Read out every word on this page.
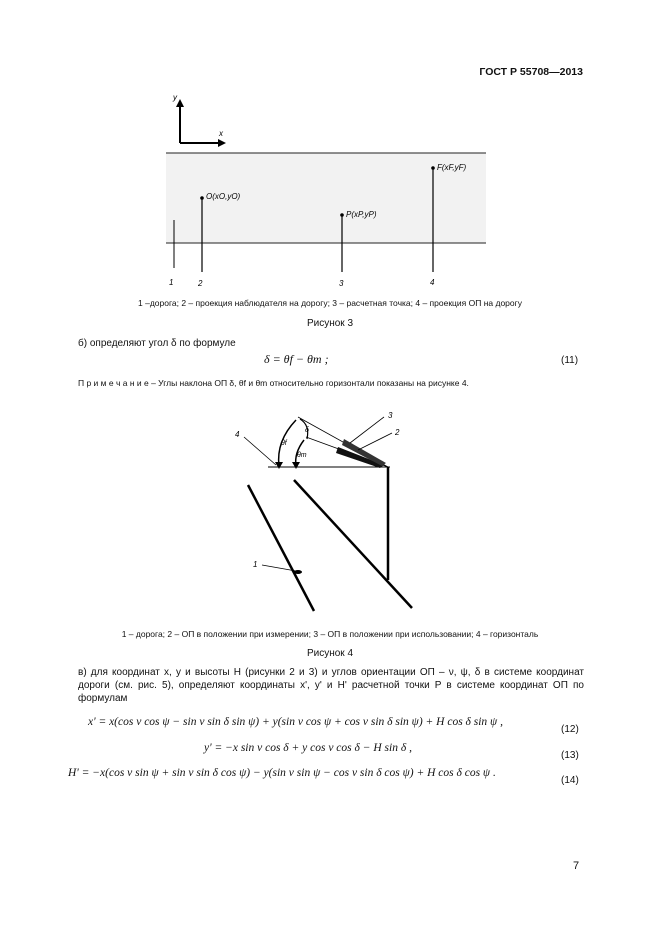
ГОСТ Р 55708—2013
y
x
O(xO,yO)
P(xP,yP)
F(xF,yF)
1	2	3	4
1 –дорога; 2 – проекция наблюдателя на дорогу; 3 – расчетная точка; 4 – проекция ОП на дорогу
Рисунок 3
б) определяют угол δ по формуле
δ = θf − θm ;	(11)
П р и м е ч а н и е – Углы наклона ОП δ, θf и θm относительно горизонтали показаны на рисунке 4.
4
3
2
1
θf
θm
δ
1 – дорога; 2 – ОП в положении при измерении; 3 – ОП в положении при использовании; 4 – горизонталь
Рисунок 4
в) для координат x, y и высоты H (рисунки 2 и 3) и углов ориентации ОП – ν, ψ, δ в системе координат дороги (см. рис. 5), определяют координаты x', y' и H' расчетной точки P в системе координат ОП по формулам
x' = x(cos ν cos ψ − sin ν sin δ sin ψ) + y(sin ν cos ψ + cos ν sin δ sin ψ) + H cos δ sin ψ ,
(12)
y' = −x sin ν cos δ + y cos ν cos δ − H sin δ ,
(13)
H' = −x(cos ν sin ψ + sin ν sin δ cos ψ) − y(sin ν sin ψ − cos ν sin δ cos ψ) + H cos δ cos ψ .
(14)
7
